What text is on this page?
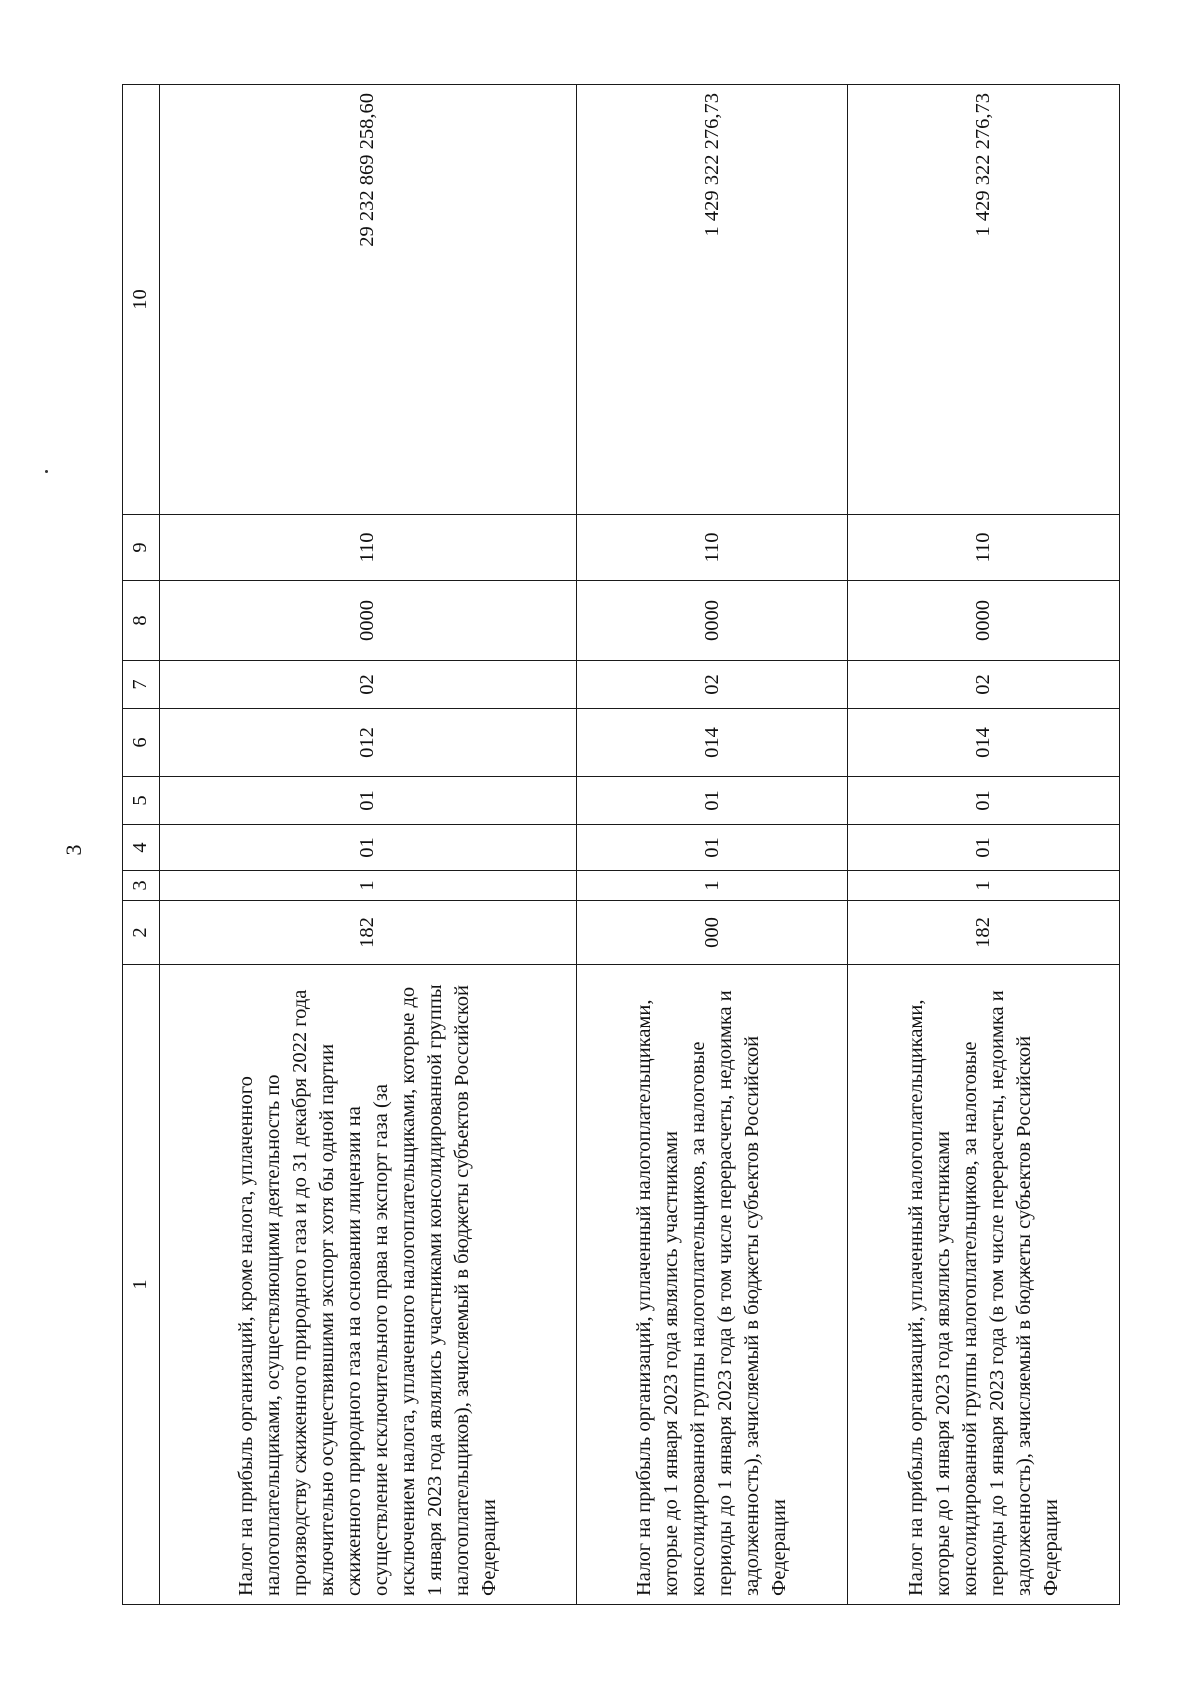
3
1	2	3	4	5	6	7	8	9	10
Налог на прибыль организаций, кроме налога, уплаченного налогоплательщиками, осуществляющими деятельность по производству сжиженного природного газа и до 31 декабря 2022 года включительно осуществившими экспорт хотя бы одной партии сжиженного природного газа на основании лицензии на осуществление исключительного права на экспорт газа (за исключением налога, уплаченного налогоплательщиками, которые до 1 января 2023 года являлись участниками консолидированной группы налогоплательщиков), зачисляемый в бюджеты субъектов Российской Федерации	182	1	01	01	012	02	0000	110	29 232 869 258,60
Налог на прибыль организаций, уплаченный налогоплательщиками, которые до 1 января 2023 года являлись участниками консолидированной группы налогоплательщиков, за налоговые периоды до 1 января 2023 года (в том числе перерасчеты, недоимка и задолженность), зачисляемый в бюджеты субъектов Российской Федерации	000	1	01	01	014	02	0000	110	1 429 322 276,73
Налог на прибыль организаций, уплаченный налогоплательщиками, которые до 1 января 2023 года являлись участниками консолидированной группы налогоплательщиков, за налоговые периоды до 1 января 2023 года (в том числе перерасчеты, недоимка и задолженность), зачисляемый в бюджеты субъектов Российской Федерации	182	1	01	01	014	02	0000	110	1 429 322 276,73
